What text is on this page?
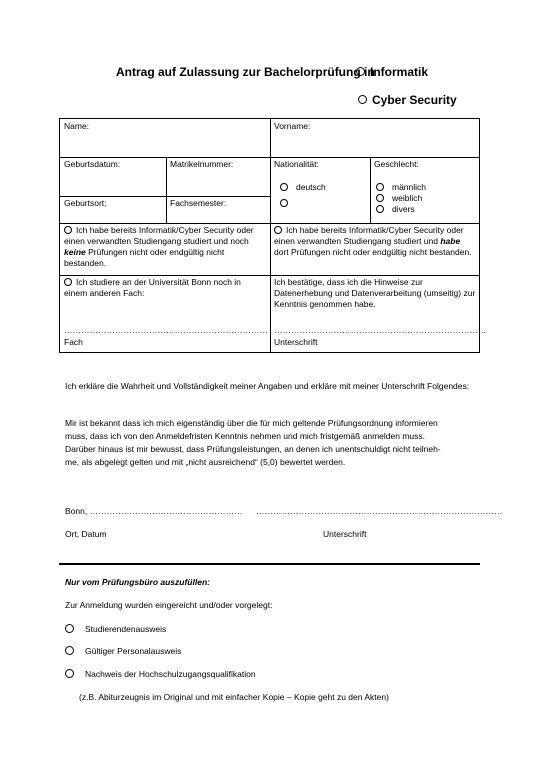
Antrag auf Zulassung zur Bachelorprüfung in
Informatik
Cyber Security
Name:	Vorname:
Geburtsdatum:	Matrikelnummer:
Geburtsort:	Fachsemester:
Nationalität:
deutsch
Geschlecht:
männlich
weiblich
divers
Ich habe bereits Informatik/Cyber Security oder einen verwandten Studiengang studiert und noch keine Prüfungen nicht oder endgültig nicht bestanden.
Ich habe bereits Informatik/Cyber Security oder einen verwandten Studiengang studiert und habe dort Prüfungen nicht oder endgültig nicht bestanden.
Ich studiere an der Universität Bonn noch in einem anderen Fach:
………………………………………………………………
Fach
Ich bestätige, dass ich die Hinweise zur Datenerhebung und Datenverarbeitung (umseitig) zur Kenntnis genommen habe.
…………………………………………………………………
Unterschrift
Ich erkläre die Wahrheit und Vollständigkeit meiner Angaben und erkläre mit meiner Unterschrift Folgendes:
Mir ist bekannt dass ich mich eigenständig über die für mich geltende Prüfungsordnung informieren
muss, dass ich von den Anmeldefristen Kenntnis nehmen und mich fristgemäß anmelden muss.
Darüber hinaus ist mir bewusst, dass Prüfungsleistungen, an denen ich unentschuldigt nicht teilneh-
me, als abgelegt gelten und mit „nicht ausreichend“ (5,0) bewertet werden.
Bonn, ……………………………………………… ……………………………………………………………………………
Ort, Datum	Unterschrift
Nur vom Prüfungsbüro auszufüllen:
Zur Anmeldung wurden eingereicht und/oder vorgelegt:
Studierendenausweis
Gültiger Personalausweis
Nachweis der Hochschulzugangsqualifikation
(z.B. Abiturzeugnis im Original und mit einfacher Kopie – Kopie geht zu den Akten)
